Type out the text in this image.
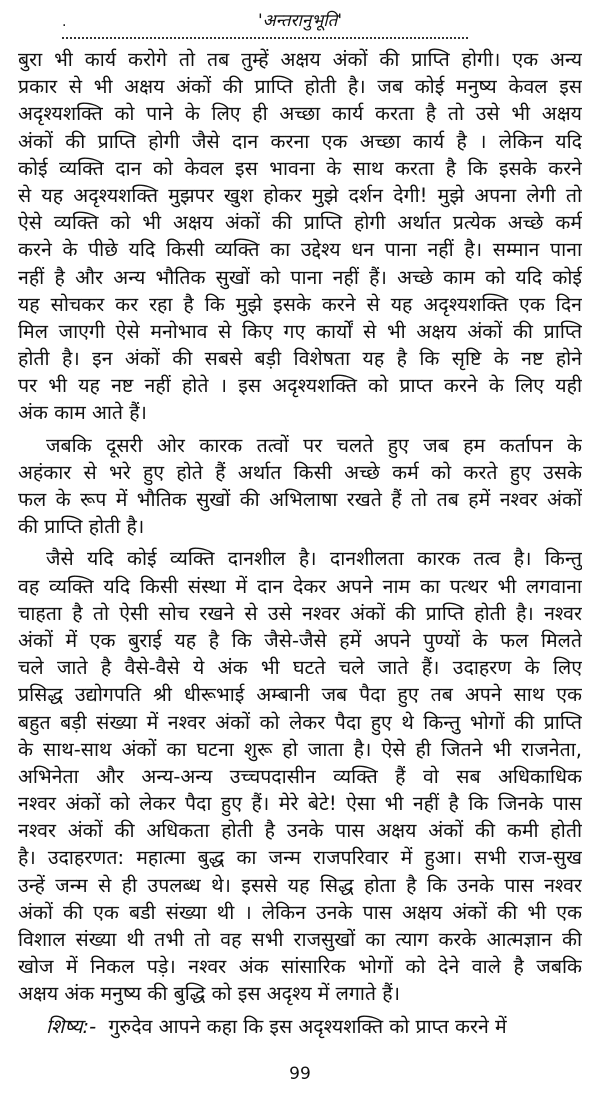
.	'अन्तरानुभूति'
बुरा भी कार्य करोगे तो तब तुम्हें अक्षय अंकों की प्राप्ति होगी। एक अन्य
प्रकार से भी अक्षय अंकों की प्राप्ति होती है। जब कोई मनुष्य केवल इस
अदृश्यशक्ति को पाने के लिए ही अच्छा कार्य करता है तो उसे भी अक्षय
अंकों की प्राप्ति होगी जैसे दान करना एक अच्छा कार्य है । लेकिन यदि
कोई व्यक्ति दान को केवल इस भावना के साथ करता है कि इसके करने
से यह अदृश्यशक्ति मुझपर खुश होकर मुझे दर्शन देगी! मुझे अपना लेगी तो
ऐसे व्यक्ति को भी अक्षय अंकों की प्राप्ति होगी अर्थात प्रत्येक अच्छे कर्म
करने के पीछे यदि किसी व्यक्ति का उद्देश्य धन पाना नहीं है। सम्मान पाना
नहीं है और अन्य भौतिक सुखों को पाना नहीं हैं। अच्छे काम को यदि कोई
यह सोचकर कर रहा है कि मुझे इसके करने से यह अदृश्यशक्ति एक दिन
मिल जाएगी ऐसे मनोभाव से किए गए कार्यों से भी अक्षय अंकों की प्राप्ति
होती है। इन अंकों की सबसे बड़ी विशेषता यह है कि सृष्टि के नष्ट होने
पर भी यह नष्ट नहीं होते । इस अदृश्यशक्ति को प्राप्त करने के लिए यही
अंक काम आते हैं।
जबकि दूसरी ओर कारक तत्वों पर चलते हुए जब हम कर्तापन के
अहंकार से भरे हुए होते हैं अर्थात किसी अच्छे कर्म को करते हुए उसके
फल के रूप में भौतिक सुखों की अभिलाषा रखते हैं तो तब हमें नश्वर अंकों
की प्राप्ति होती है।
जैसे यदि कोई व्यक्ति दानशील है। दानशीलता कारक तत्व है। किन्तु
वह व्यक्ति यदि किसी संस्था में दान देकर अपने नाम का पत्थर भी लगवाना
चाहता है तो ऐसी सोच रखने से उसे नश्वर अंकों की प्राप्ति होती है। नश्वर
अंकों में एक बुराई यह है कि जैसे-जैसे हमें अपने पुण्यों के फल मिलते
चले जाते है वैसे-वैसे ये अंक भी घटते चले जाते हैं। उदाहरण के लिए
प्रसिद्ध उद्योगपति श्री धीरूभाई अम्बानी जब पैदा हुए तब अपने साथ एक
बहुत बड़ी संख्या में नश्वर अंकों को लेकर पैदा हुए थे किन्तु भोगों की प्राप्ति
के साथ-साथ अंकों का घटना शुरू हो जाता है। ऐसे ही जितने भी राजनेता,
अभिनेता और अन्य-अन्य उच्चपदासीन व्यक्ति हैं वो सब अधिकाधिक
नश्वर अंकों को लेकर पैदा हुए हैं। मेरे बेटे! ऐसा भी नहीं है कि जिनके पास
नश्वर अंकों की अधिकता होती है उनके पास अक्षय अंकों की कमी होती
है। उदाहरणत: महात्मा बुद्ध का जन्म राजपरिवार में हुआ। सभी राज-सुख
उन्हें जन्म से ही उपलब्ध थे। इससे यह सिद्ध होता है कि उनके पास नश्वर
अंकों की एक बडी संख्या थी । लेकिन उनके पास अक्षय अंकों की भी एक
विशाल संख्या थी तभी तो वह सभी राजसुखों का त्याग करके आत्मज्ञान की
खोज में निकल पड़े। नश्वर अंक सांसारिक भोगों को देने वाले है जबकि
अक्षय अंक मनुष्य की बुद्धि को इस अदृश्य में लगाते हैं।
शिष्य:- गुरुदेव आपने कहा कि इस अदृश्यशक्ति को प्राप्त करने में
99
